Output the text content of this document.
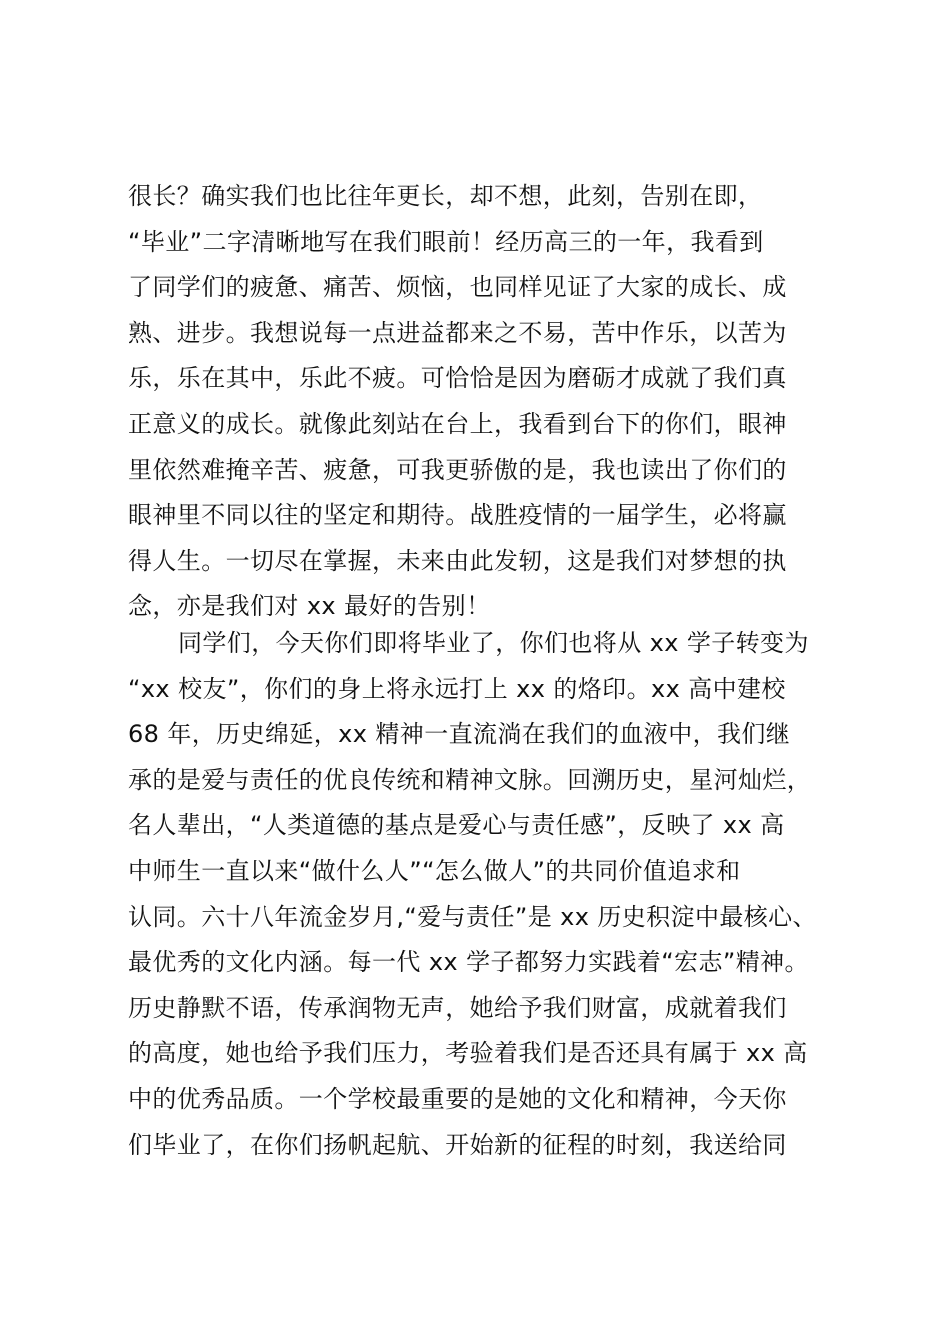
很长？确实我们也比往年更长，却不想，此刻，告别在即，
“毕业”二字清晰地写在我们眼前！经历高三的一年，我看到
了同学们的疲惫、痛苦、烦恼，也同样见证了大家的成长、成
熟、进步。我想说每一点进益都来之不易，苦中作乐，以苦为
乐，乐在其中，乐此不疲。可恰恰是因为磨砺才成就了我们真
正意义的成长。就像此刻站在台上，我看到台下的你们，眼神
里依然难掩辛苦、疲惫，可我更骄傲的是，我也读出了你们的
眼神里不同以往的坚定和期待。战胜疫情的一届学生，必将赢
得人生。一切尽在掌握，未来由此发轫，这是我们对梦想的执
念，亦是我们对 xx 最好的告别！
同学们，今天你们即将毕业了，你们也将从 xx 学子转变为
“xx 校友”，你们的身上将永远打上 xx 的烙印。xx 高中建校
68 年，历史绵延，xx 精神一直流淌在我们的血液中，我们继
承的是爱与责任的优良传统和精神文脉。回溯历史，星河灿烂，
名人辈出，“人类道德的基点是爱心与责任感”，反映了 xx 高
中师生一直以来“做什么人”“怎么做人”的共同价值追求和
认同。六十八年流金岁月,“爱与责任”是 xx 历史积淀中最核心、
最优秀的文化内涵。每一代 xx 学子都努力实践着“宏志”精神。
历史静默不语，传承润物无声，她给予我们财富，成就着我们
的高度，她也给予我们压力，考验着我们是否还具有属于 xx 高
中的优秀品质。一个学校最重要的是她的文化和精神，今天你
们毕业了，在你们扬帆起航、开始新的征程的时刻，我送给同
